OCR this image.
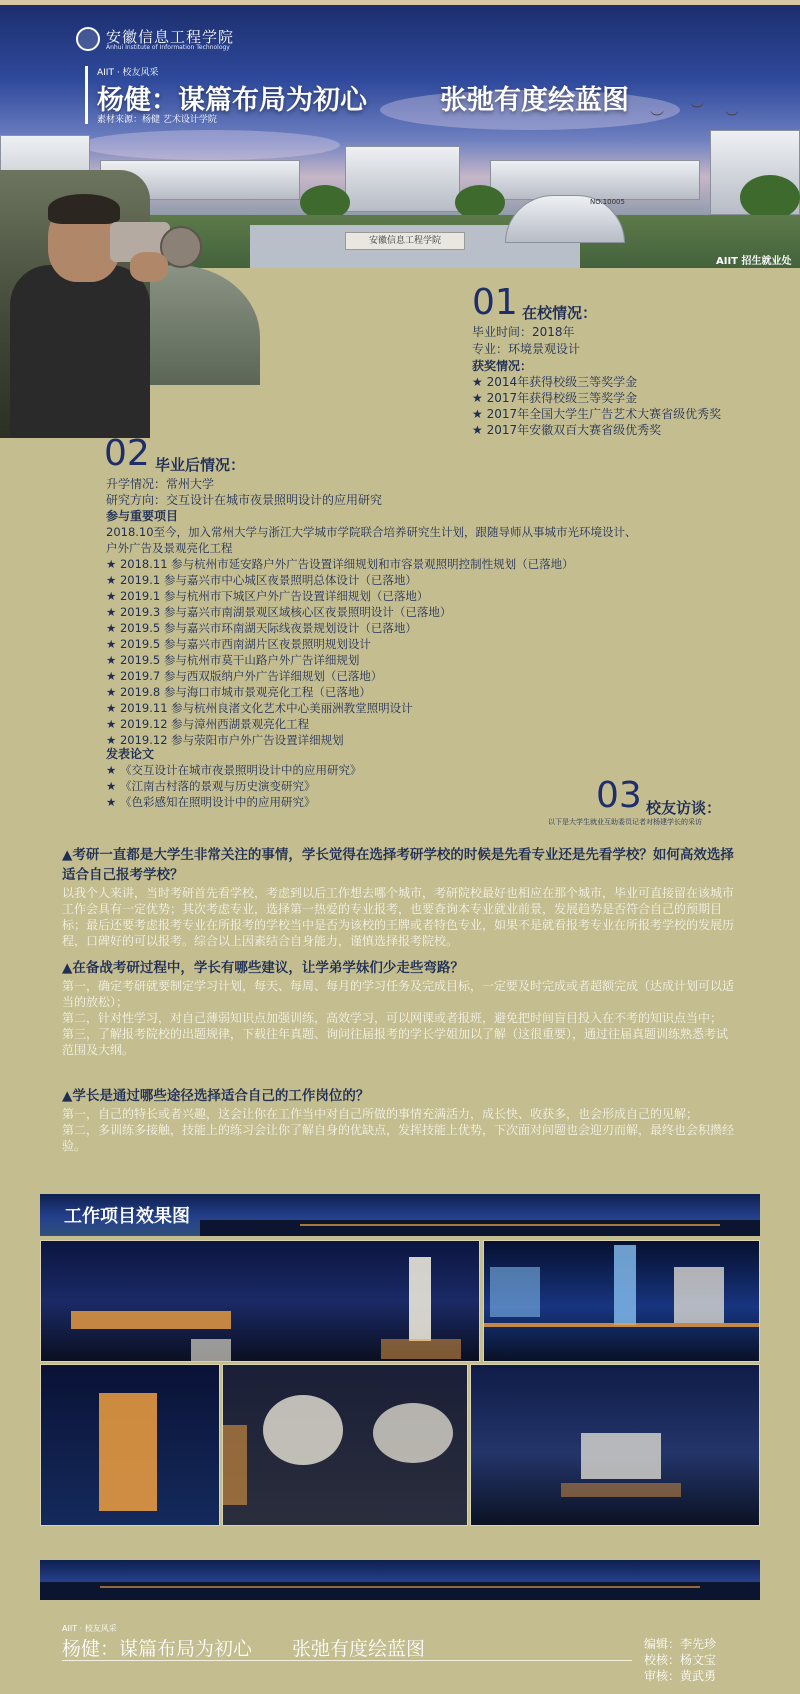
安徽信息工程学院
Anhui Institute of Information Technology
AIIT · 校友风采
杨健：谋篇布局为初心	张弛有度绘蓝图
素材来源：杨健 艺术设计学院	︶ ︶ ︶
NO.10005
安徽信息工程学院
AIIT 招生就业处
01 在校情况：
毕业时间：2018年
专业：环境景观设计
获奖情况：
★ 2014年获得校级三等奖学金
★ 2017年获得校级三等奖学金
★ 2017年全国大学生广告艺术大赛省级优秀奖
★ 2017年安徽双百大赛省级优秀奖
02 毕业后情况：
升学情况：常州大学
研究方向：交互设计在城市夜景照明设计的应用研究
参与重要项目
2018.10至今，加入常州大学与浙江大学城市学院联合培养研究生计划，跟随导师从事城市光环境设计、
户外广告及景观亮化工程
★ 2018.11 参与杭州市延安路户外广告设置详细规划和市容景观照明控制性规划（已落地）
★ 2019.1 参与嘉兴市中心城区夜景照明总体设计（已落地）
★ 2019.1 参与杭州市下城区户外广告设置详细规划（已落地）
★ 2019.3 参与嘉兴市南湖景观区域核心区夜景照明设计（已落地）
★ 2019.5 参与嘉兴市环南湖天际线夜景规划设计（已落地）
★ 2019.5 参与嘉兴市西南湖片区夜景照明规划设计
★ 2019.5 参与杭州市莫干山路户外广告详细规划
★ 2019.7 参与西双版纳户外广告详细规划（已落地）
★ 2019.8 参与海口市城市景观亮化工程（已落地）
★ 2019.11 参与杭州良渚文化艺术中心美丽洲教堂照明设计
★ 2019.12 参与漳州西湖景观亮化工程
★ 2019.12 参与荥阳市户外广告设置详细规划
发表论文
★ 《交互设计在城市夜景照明设计中的应用研究》
★ 《江南古村落的景观与历史演变研究》
★ 《色彩感知在照明设计中的应用研究》	03 校友访谈：
以下是大学生就业互助委员记者对杨建学长的采访
▲考研一直都是大学生非常关注的事情，学长觉得在选择考研学校的时候是先看专业还是先看学校？如何高效选择适合自己报考学校？
以我个人来讲，当时考研首先看学校，考虑到以后工作想去哪个城市，考研院校最好也相应在那个城市，毕业可直接留在该城市工作会具有一定优势；其次考虑专业，选择第一热爱的专业报考，也要查询本专业就业前景，发展趋势是否符合自己的预期目标；最后还要考虑报考专业在所报考的学校当中是否为该校的王牌或者特色专业，如果不是就看报考专业在所报考学校的发展历程，口碑好的可以报考。综合以上因素结合自身能力，谨慎选择报考院校。
▲在备战考研过程中，学长有哪些建议，让学弟学妹们少走些弯路？
第一，确定考研就要制定学习计划，每天、每周、每月的学习任务及完成目标，一定要及时完成或者超额完成（达成计划可以适当的放松）；
第二，针对性学习，对自己薄弱知识点加强训练，高效学习，可以网课或者报班，避免把时间盲目投入在不考的知识点当中；
第三，了解报考院校的出题规律，下载往年真题、询问往届报考的学长学姐加以了解（这很重要），通过往届真题训练熟悉考试范围及大纲。
▲学长是通过哪些途径选择适合自己的工作岗位的？
第一，自己的特长或者兴趣，这会让你在工作当中对自己所做的事情充满活力，成长快、收获多，也会形成自己的见解；
第二，多训练多接触，技能上的练习会让你了解自身的优缺点，发挥技能上优势，下次面对问题也会迎刃而解，最终也会积攒经验。
工作项目效果图
AIIT · 校友风采
杨健：谋篇布局为初心 张弛有度绘蓝图	编辑：李先珍
校核：杨文宝
审核：黄武勇
